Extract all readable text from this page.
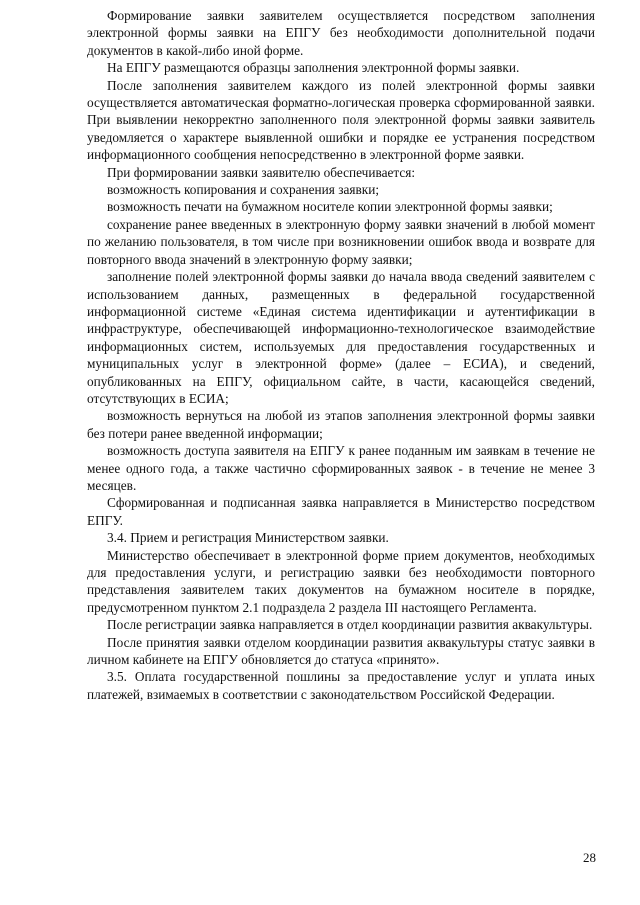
Формирование заявки заявителем осуществляется посредством заполнения электронной формы заявки на ЕПГУ без необходимости дополнительной подачи документов в какой-либо иной форме.

На ЕПГУ размещаются образцы заполнения электронной формы заявки.

После заполнения заявителем каждого из полей электронной формы заявки осуществляется автоматическая форматно-логическая проверка сформированной заявки. При выявлении некорректно заполненного поля электронной формы заявки заявитель уведомляется о характере выявленной ошибки и порядке ее устранения посредством информационного сообщения непосредственно в электронной форме заявки.

При формировании заявки заявителю обеспечивается:

возможность копирования и сохранения заявки;

возможность печати на бумажном носителе копии электронной формы заявки;

сохранение ранее введенных в электронную форму заявки значений в любой момент по желанию пользователя, в том числе при возникновении ошибок ввода и возврате для повторного ввода значений в электронную форму заявки;

заполнение полей электронной формы заявки до начала ввода сведений заявителем с использованием данных, размещенных в федеральной государственной информационной системе «Единая система идентификации и аутентификации в инфраструктуре, обеспечивающей информационно-технологическое взаимодействие информационных систем, используемых для предоставления государственных и муниципальных услуг в электронной форме» (далее – ЕСИА), и сведений, опубликованных на ЕПГУ, официальном сайте, в части, касающейся сведений, отсутствующих в ЕСИА;

возможность вернуться на любой из этапов заполнения электронной формы заявки без потери ранее введенной информации;

возможность доступа заявителя на ЕПГУ к ранее поданным им заявкам в течение не менее одного года, а также частично сформированных заявок - в течение не менее 3 месяцев.

Сформированная и подписанная заявка направляется в Министерство посредством ЕПГУ.

3.4. Прием и регистрация Министерством заявки.

Министерство обеспечивает в электронной форме прием документов, необходимых для предоставления услуги, и регистрацию заявки без необходимости повторного представления заявителем таких документов на бумажном носителе в порядке, предусмотренном пунктом 2.1 подраздела 2 раздела III настоящего Регламента.

После регистрации заявка направляется в отдел координации развития аквакультуры.

После принятия заявки отделом координации развития аквакультуры статус заявки в личном кабинете на ЕПГУ обновляется до статуса «принято».

3.5. Оплата государственной пошлины за предоставление услуг и уплата иных платежей, взимаемых в соответствии с законодательством Российской Федерации.

28
